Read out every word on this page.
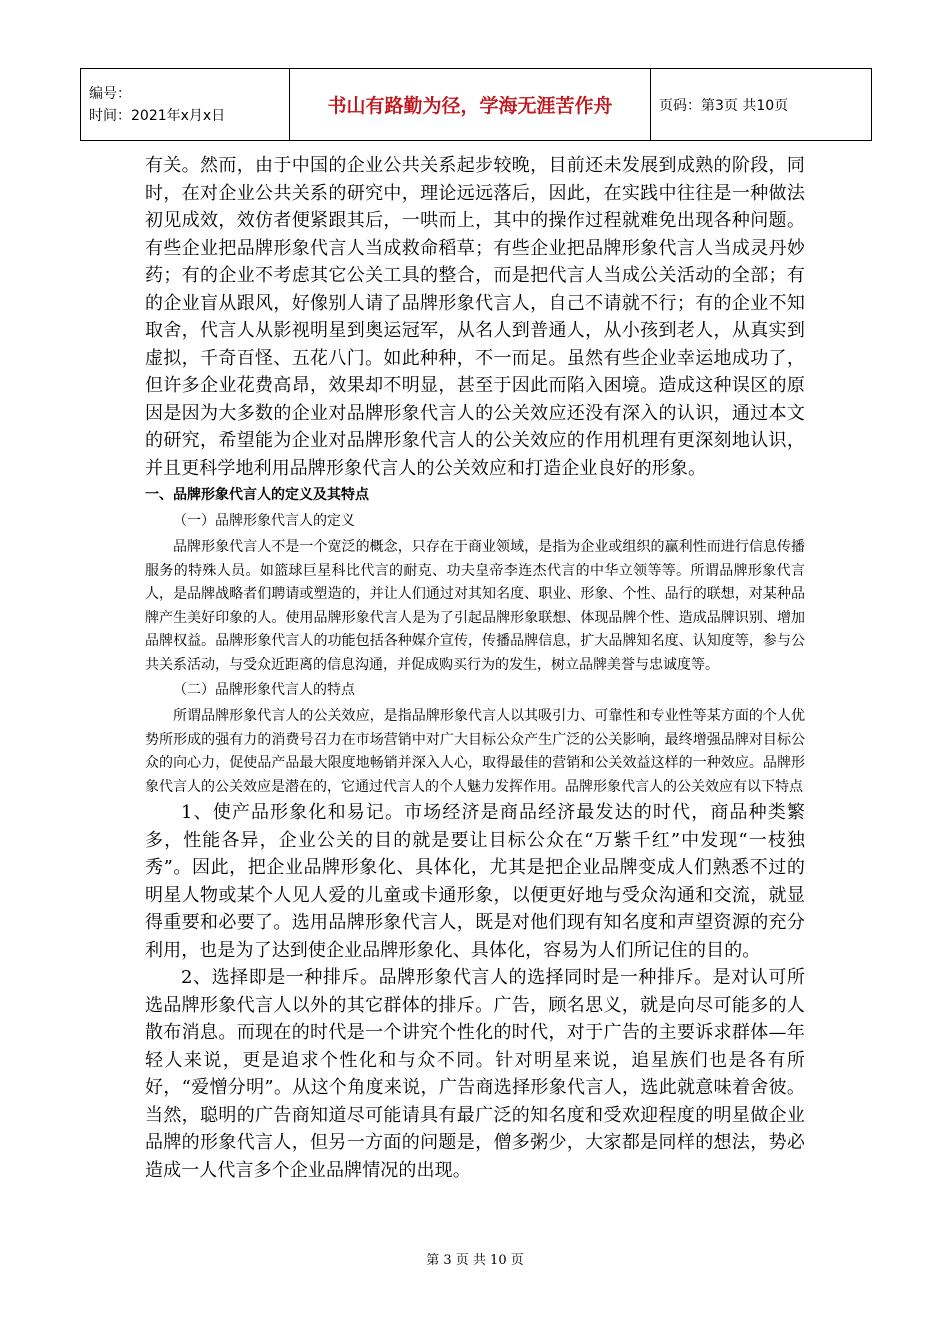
编号：
时间：2021年x月x日	书山有路勤为径，学海无涯苦作舟	页码：第3页 共10页

有关。然而，由于中国的企业公共关系起步较晚，目前还未发展到成熟的阶段，同时，在对企业公共关系的研究中，理论远远落后，因此，在实践中往往是一种做法初见成效，效仿者便紧跟其后，一哄而上，其中的操作过程就难免出现各种问题。有些企业把品牌形象代言人当成救命稻草；有些企业把品牌形象代言人当成灵丹妙药；有的企业不考虑其它公关工具的整合，而是把代言人当成公关活动的全部；有的企业盲从跟风，好像别人请了品牌形象代言人，自己不请就不行；有的企业不知取舍，代言人从影视明星到奥运冠军，从名人到普通人，从小孩到老人，从真实到虚拟，千奇百怪、五花八门。如此种种，不一而足。虽然有些企业幸运地成功了，但许多企业花费高昂，效果却不明显，甚至于因此而陷入困境。造成这种误区的原因是因为大多数的企业对品牌形象代言人的公关效应还没有深入的认识，通过本文的研究，希望能为企业对品牌形象代言人的公关效应的作用机理有更深刻地认识，并且更科学地利用品牌形象代言人的公关效应和打造企业良好的形象。

一、品牌形象代言人的定义及其特点
（一）品牌形象代言人的定义

品牌形象代言人不是一个宽泛的概念，只存在于商业领域，是指为企业或组织的赢利性而进行信息传播服务的特殊人员。如篮球巨星科比代言的耐克、功夫皇帝李连杰代言的中华立领等等。所谓品牌形象代言人，是品牌战略者们聘请或塑造的，并让人们通过对其知名度、职业、形象、个性、品行的联想，对某种品牌产生美好印象的人。使用品牌形象代言人是为了引起品牌形象联想、体现品牌个性、造成品牌识别、增加品牌权益。品牌形象代言人的功能包括各种媒介宣传，传播品牌信息，扩大品牌知名度、认知度等，参与公共关系活动，与受众近距离的信息沟通，并促成购买行为的发生，树立品牌美誉与忠诚度等。

（二）品牌形象代言人的特点

所谓品牌形象代言人的公关效应，是指品牌形象代言人以其吸引力、可靠性和专业性等某方面的个人优势所形成的强有力的消费号召力在市场营销中对广大目标公众产生广泛的公关影响，最终增强品牌对目标公众的向心力，促使品产品最大限度地畅销并深入人心，取得最佳的营销和公关效益这样的一种效应。品牌形象代言人的公关效应是潜在的，它通过代言人的个人魅力发挥作用。品牌形象代言人的公关效应有以下特点

1、使产品形象化和易记。市场经济是商品经济最发达的时代，商品种类繁多，性能各异，企业公关的目的就是要让目标公众在“万紫千红”中发现“一枝独秀”。因此，把企业品牌形象化、具体化，尤其是把企业品牌变成人们熟悉不过的明星人物或某个人见人爱的儿童或卡通形象，以便更好地与受众沟通和交流，就显得重要和必要了。选用品牌形象代言人，既是对他们现有知名度和声望资源的充分利用，也是为了达到使企业品牌形象化、具体化，容易为人们所记住的目的。

2、选择即是一种排斥。品牌形象代言人的选择同时是一种排斥。是对认可所选品牌形象代言人以外的其它群体的排斥。广告，顾名思义，就是向尽可能多的人散布消息。而现在的时代是一个讲究个性化的时代，对于广告的主要诉求群体—年轻人来说，更是追求个性化和与众不同。针对明星来说，追星族们也是各有所好，“爱憎分明”。从这个角度来说，广告商选择形象代言人，选此就意味着舍彼。当然，聪明的广告商知道尽可能请具有最广泛的知名度和受欢迎程度的明星做企业品牌的形象代言人，但另一方面的问题是，僧多粥少，大家都是同样的想法，势必造成一人代言多个企业品牌情况的出现。

第 3 页 共 10 页
